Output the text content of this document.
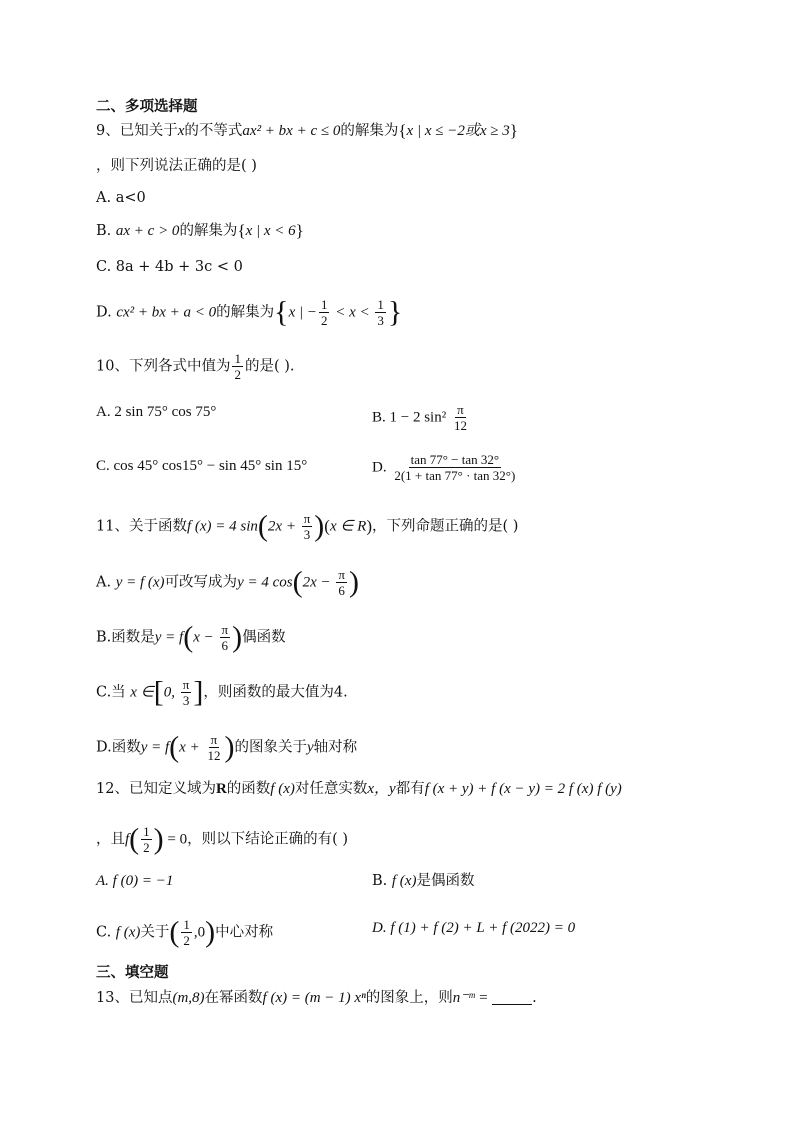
二、多项选择题
9、已知关于x的不等式ax² + bx + c ≤ 0的解集为{x | x ≤ −2或x ≥ 3}
，则下列说法正确的是( )
A. a<0
B. ax + c > 0的解集为{x | x < 6}
C. 8a + 4b + 3c < 0
D. cx² + bx + a < 0的解集为{x | − $\frac{1}{2} < x < \frac{1}{3}$ }
10、下列各式中值为 $\frac{1}{2}$ 的是( ).
A. 2 sin 75° cos 75°	B. 1 − 2 $\sin^2 \frac{\pi}{12}$
C. cos 45° cos15° − sin 45° sin 15°	D. $\frac{\tan 77^\circ - \tan 32^\circ}{2(1 + \tan 77^\circ \cdot \tan 32^\circ)}$
11、关于函数f (x) = 4 $\sin(2x + \frac{\pi}{3} )(x$ ∈ R)，下列命题正确的是( )
A. y = f (x)可改写成为y = 4 $\cos(2x - \frac{\pi}{6}$ )
B.函数是$y = f(x - \frac{\pi}{6}$ )偶函数
C.当 x ∈[0, $\frac{\pi}{3}$ ]，则函数的最大值为4.
D.函数$y = f(x + \frac{\pi}{12}$ )的图象关于y轴对称
12、已知定义域为R的函数f (x)对任意实数x，y都有f (x + y) + f (x − y) = 2 f (x) f (y)
，且$f( \frac{1}{2}$ ) = 0，则以下结论正确的有( )
A. f (0) = −1	B. f (x)是偶函数
C. f (x)关于( $\frac{1}{2} ,0$)中心对称	D. f (1) + f (2) + L + f (2022) = 0
三、填空题
13、已知点(m,8)在幂函数f (x) = (m − 1) xⁿ的图象上，则n⁻ᵐ =	.
